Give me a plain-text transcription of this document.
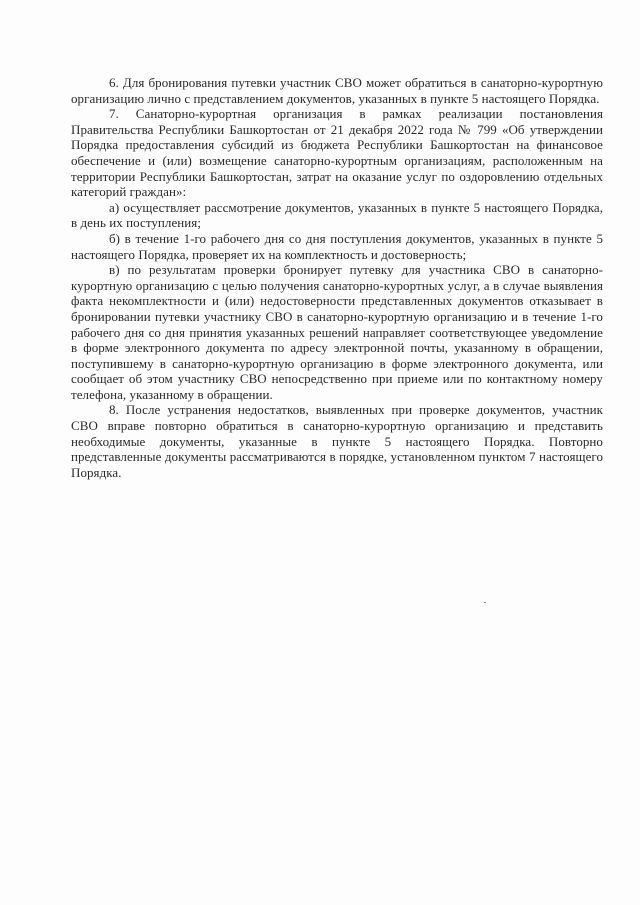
6. Для бронирования путевки участник СВО может обратиться в санаторно-курортную организацию лично с представлением документов, указанных в пункте 5 настоящего Порядка.

7. Санаторно-курортная организация в рамках реализации постановления Правительства Республики Башкортостан от 21 декабря 2022 года № 799 «Об утверждении Порядка предоставления субсидий из бюджета Республики Башкортостан на финансовое обеспечение и (или) возмещение санаторно-курортным организациям, расположенным на территории Республики Башкортостан, затрат на оказание услуг по оздоровлению отдельных категорий граждан»:

а) осуществляет рассмотрение документов, указанных в пункте 5 настоящего Порядка, в день их поступления;

б) в течение 1-го рабочего дня со дня поступления документов, указанных в пункте 5 настоящего Порядка, проверяет их на комплектность и достоверность;

в) по результатам проверки бронирует путевку для участника СВО в санаторно-курортную организацию с целью получения санаторно-курортных услуг, а в случае выявления факта некомплектности и (или) недостоверности представленных документов отказывает в бронировании путевки участнику СВО в санаторно-курортную организацию и в течение 1-го рабочего дня со дня принятия указанных решений направляет соответствующее уведомление в форме электронного документа по адресу электронной почты, указанному в обращении, поступившему в санаторно-курортную организацию в форме электронного документа, или сообщает об этом участнику СВО непосредственно при приеме или по контактному номеру телефона, указанному в обращении.

8. После устранения недостатков, выявленных при проверке документов, участник СВО вправе повторно обратиться в санаторно-курортную организацию и представить необходимые документы, указанные в пункте 5 настоящего Порядка. Повторно представленные документы рассматриваются в порядке, установленном пунктом 7 настоящего Порядка.
